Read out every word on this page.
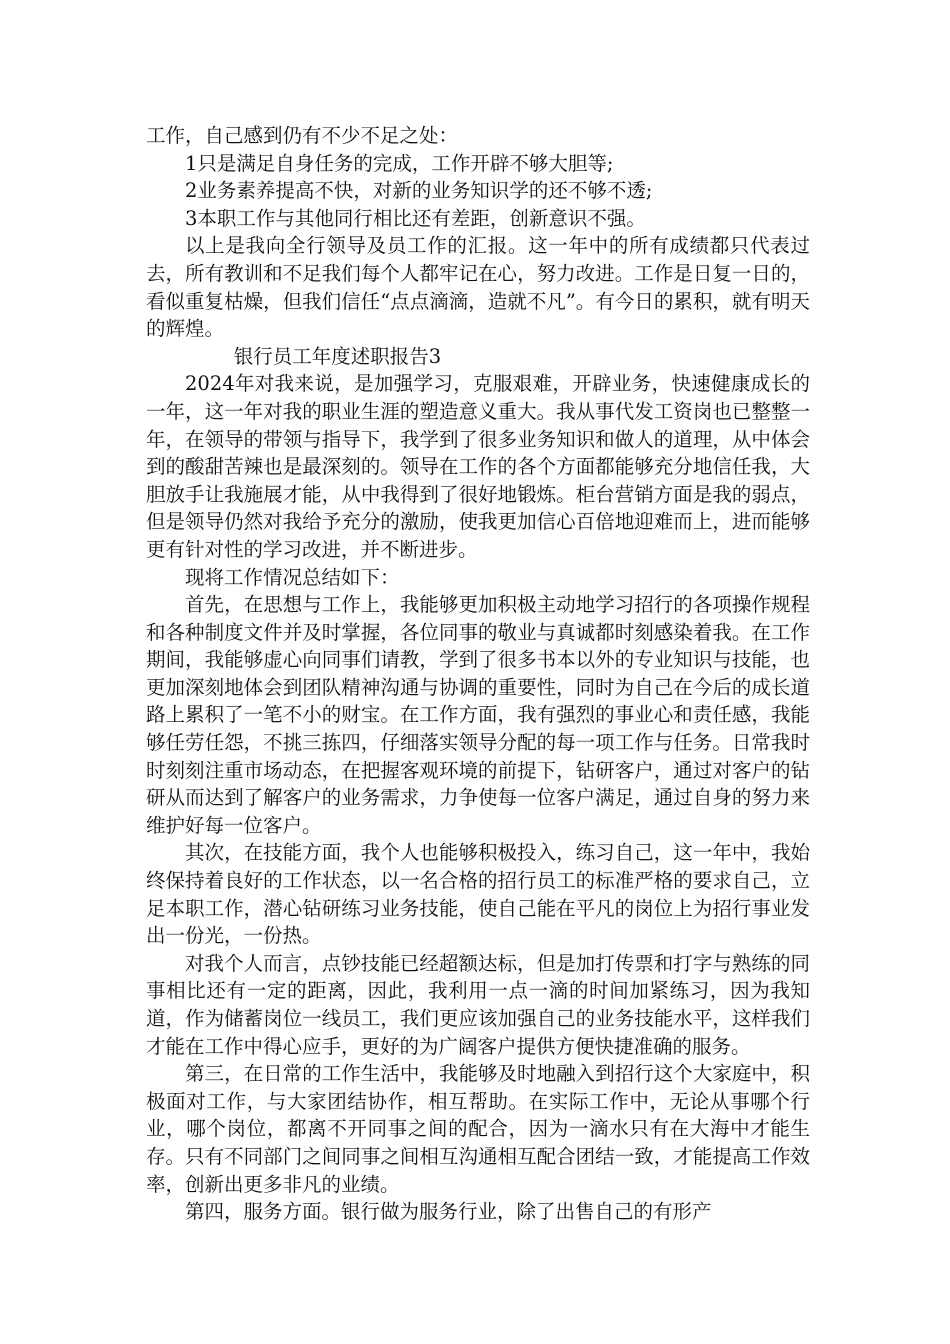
工作，自己感到仍有不少不足之处：

1只是满足自身任务的完成，工作开辟不够大胆等;

2业务素养提高不快，对新的业务知识学的还不够不透;

3本职工作与其他同行相比还有差距，创新意识不强。

以上是我向全行领导及员工作的汇报。这一年中的所有成绩都只代表过去，所有教训和不足我们每个人都牢记在心，努力改进。工作是日复一日的，看似重复枯燥，但我们信任“点点滴滴，造就不凡”。有今日的累积，就有明天的辉煌。

银行员工年度述职报告3

2024年对我来说，是加强学习，克服艰难，开辟业务，快速健康成长的一年，这一年对我的职业生涯的塑造意义重大。我从事代发工资岗也已整整一年，在领导的带领与指导下，我学到了很多业务知识和做人的道理，从中体会到的酸甜苦辣也是最深刻的。领导在工作的各个方面都能够充分地信任我，大胆放手让我施展才能，从中我得到了很好地锻炼。柜台营销方面是我的弱点，但是领导仍然对我给予充分的激励，使我更加信心百倍地迎难而上，进而能够更有针对性的学习改进，并不断进步。

现将工作情况总结如下：

首先，在思想与工作上，我能够更加积极主动地学习招行的各项操作规程和各种制度文件并及时掌握，各位同事的敬业与真诚都时刻感染着我。在工作期间，我能够虚心向同事们请教，学到了很多书本以外的专业知识与技能，也更加深刻地体会到团队精神沟通与协调的重要性，同时为自己在今后的成长道路上累积了一笔不小的财宝。在工作方面，我有强烈的事业心和责任感，我能够任劳任怨，不挑三拣四，仔细落实领导分配的每一项工作与任务。日常我时时刻刻注重市场动态，在把握客观环境的前提下，钻研客户，通过对客户的钻研从而达到了解客户的业务需求，力争使每一位客户满足，通过自身的努力来维护好每一位客户。

其次，在技能方面，我个人也能够积极投入，练习自己，这一年中，我始终保持着良好的工作状态，以一名合格的招行员工的标准严格的要求自己，立足本职工作，潜心钻研练习业务技能，使自己能在平凡的岗位上为招行事业发出一份光，一份热。

对我个人而言，点钞技能已经超额达标，但是加打传票和打字与熟练的同事相比还有一定的距离，因此，我利用一点一滴的时间加紧练习，因为我知道，作为储蓄岗位一线员工，我们更应该加强自己的业务技能水平，这样我们才能在工作中得心应手，更好的为广阔客户提供方便快捷准确的服务。

第三，在日常的工作生活中，我能够及时地融入到招行这个大家庭中，积极面对工作，与大家团结协作，相互帮助。在实际工作中，无论从事哪个行业，哪个岗位，都离不开同事之间的配合，因为一滴水只有在大海中才能生存。只有不同部门之间同事之间相互沟通相互配合团结一致，才能提高工作效率，创新出更多非凡的业绩。

第四，服务方面。银行做为服务行业，除了出售自己的有形产
